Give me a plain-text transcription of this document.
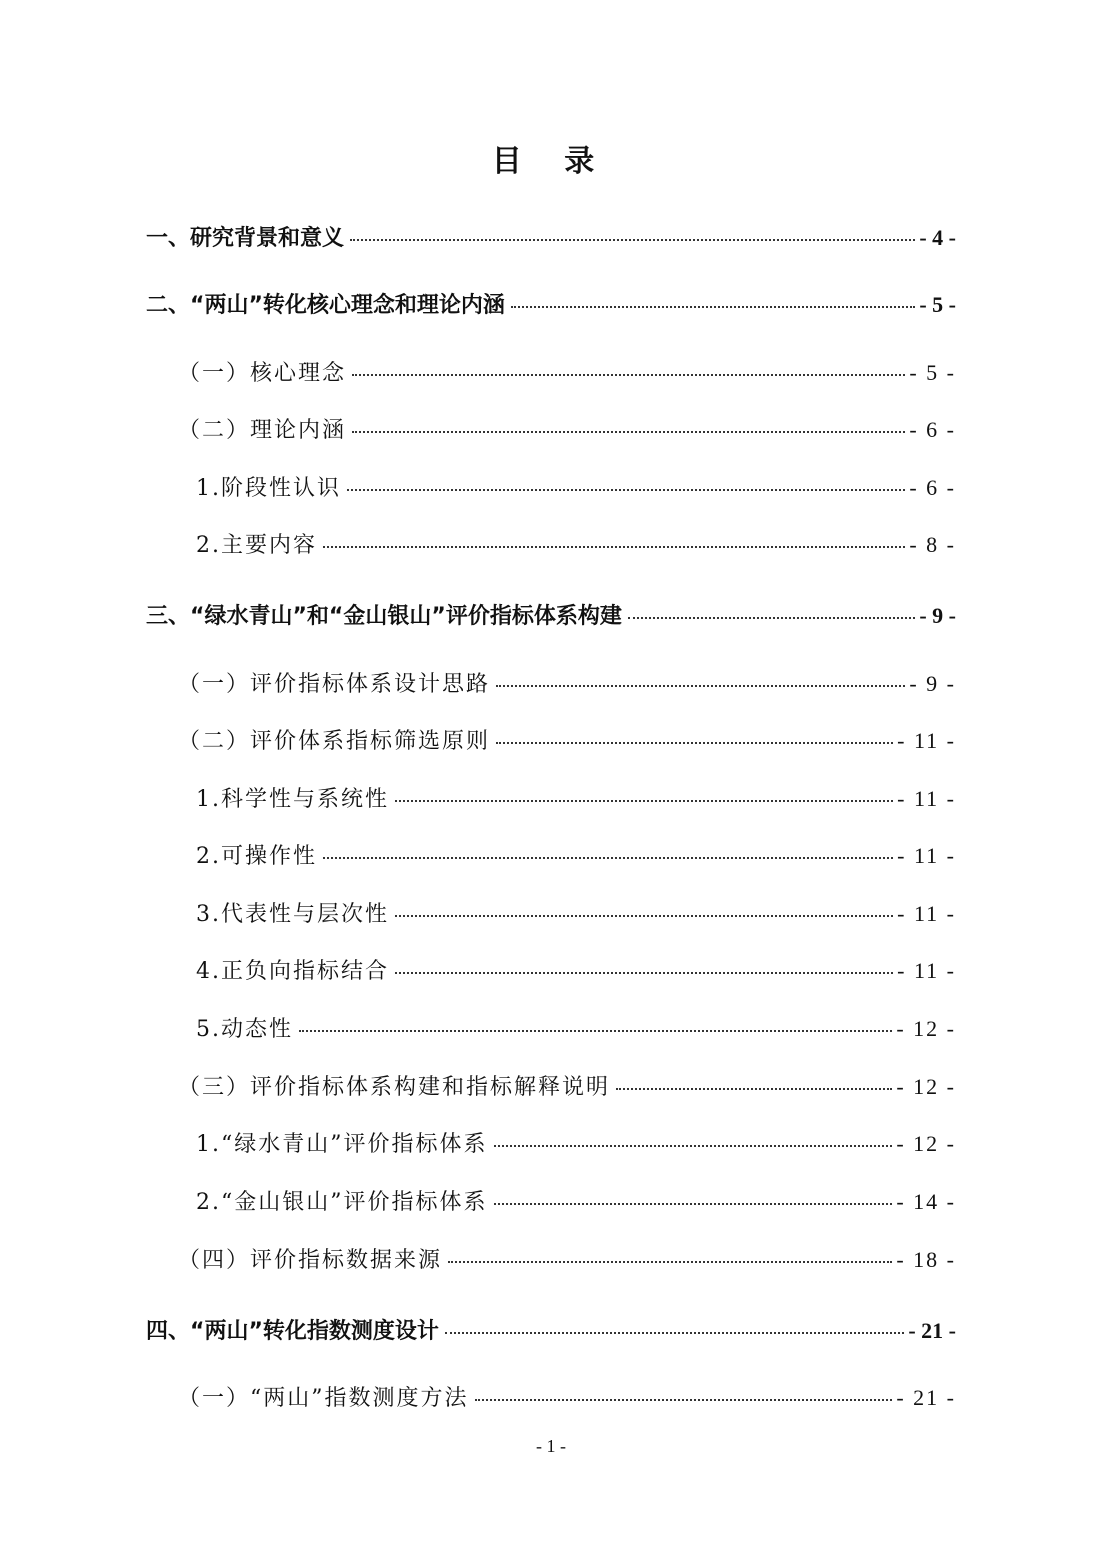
目 录
一、研究背景和意义	- 4 -
二、“两山”转化核心理念和理论内涵	- 5 -
（一）核心理念	- 5 -
（二）理论内涵	- 6 -
1.阶段性认识	- 6 -
2.主要内容	- 8 -
三、“绿水青山”和“金山银山”评价指标体系构建	- 9 -
（一）评价指标体系设计思路	- 9 -
（二）评价体系指标筛选原则	- 11 -
1.科学性与系统性	- 11 -
2.可操作性	- 11 -
3.代表性与层次性	- 11 -
4.正负向指标结合	- 11 -
5.动态性	- 12 -
（三）评价指标体系构建和指标解释说明	- 12 -
1.“绿水青山”评价指标体系	- 12 -
2.“金山银山”评价指标体系	- 14 -
（四）评价指标数据来源	- 18 -
四、“两山”转化指数测度设计	- 21 -
（一）“两山”指数测度方法	- 21 -
- 1 -
